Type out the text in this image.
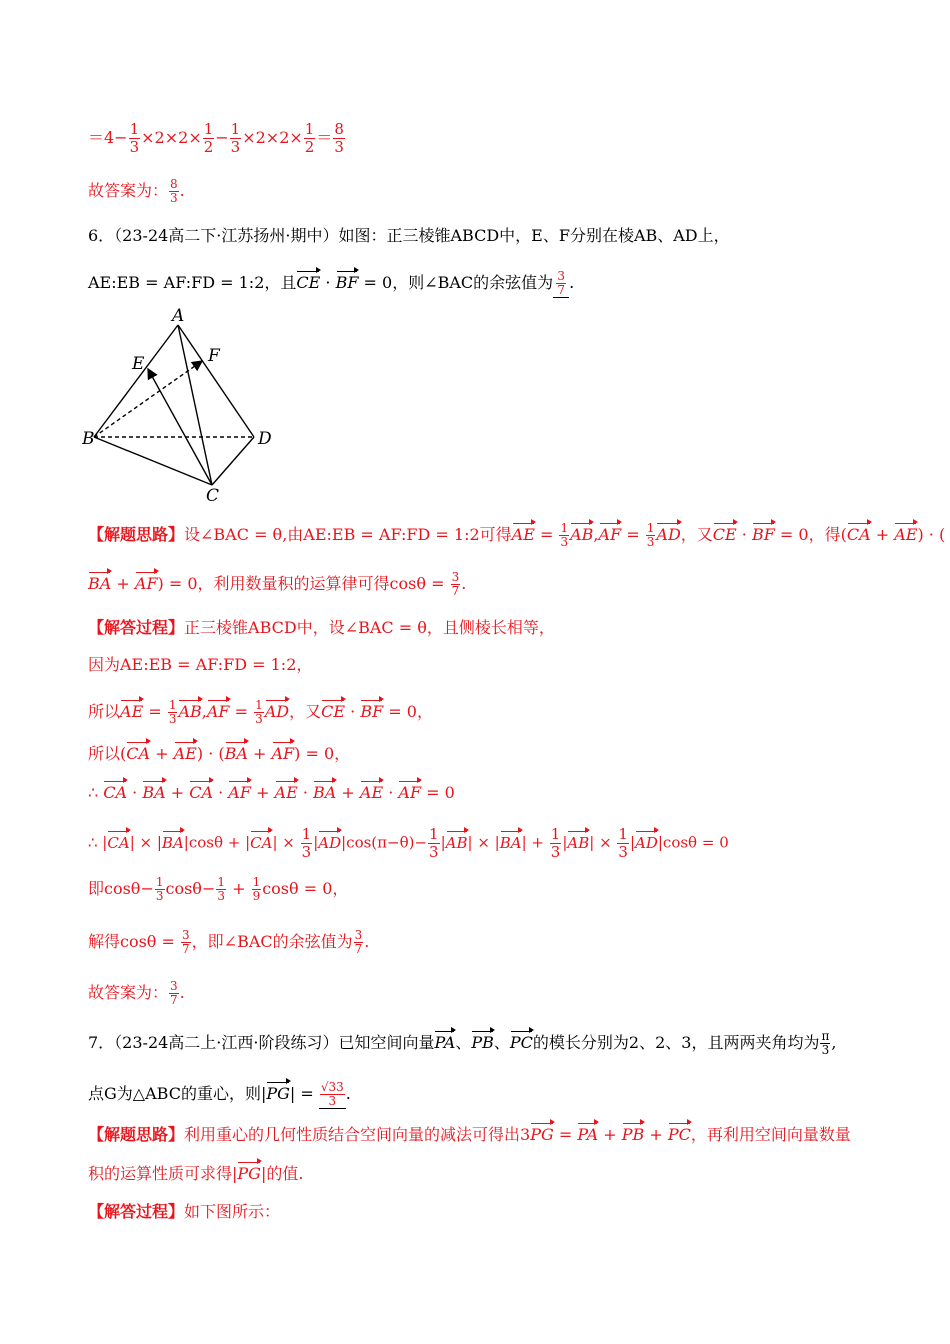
$=4- \frac{1}{3} \times 2\times 2\times \frac{1}{2} - \frac{1}{3} \times 2\times 2\times \frac{1}{2} = \frac{8}{3}$
故答案为： $\frac{8}{3}$ .
6．（23-24高二下·江苏扬州·期中）如图：正三棱锥ABCD中，E、F分别在棱AB、AD上，
AE:EB = AF:FD = 1:2，且CE · BF = 0，则∠BAC的余弦值为 $\frac{3}{7}$ .
A
B
C
D
E	F
【解题思路】设∠BAC = θ,由AE:EB = AF:FD = 1:2可得AE = $\frac{1}{3} AB,AF = \frac{1}{3}$ AD，又CE · BF = 0，得(CA + AE) · (
BA + AF) = 0，利用数量积的运算律可得$\cos\theta = \frac{3}{7}$ .
【解答过程】正三棱锥ABCD中，设∠BAC = θ，且侧棱长相等，
因为AE:EB = AF:FD = 1:2，
所以AE = $\frac{1}{3} AB,AF = \frac{1}{3}$ AD，又CE · BF = 0，
所以(CA + AE) · (BA + AF) = 0，
∴ CA · BA + CA · AF + AE · BA + AE · AF = 0
∴ $|CA| \times |BA|\cos\theta + |CA| \times \frac{1}{3} |AD|\cos(\pi-\theta)- \frac{1}{3} |AB| \times |BA| + \frac{1}{3} |AB| \times \frac{1}{3} |AD|\cos\theta = 0$
即$\cos\theta- \frac{1}{3} \cos\theta- \frac{1}{3} + \frac{1}{9}$ cosθ = 0，
解得$\cos\theta = \frac{3}{7}$ ，即∠BAC的余弦值为 $\frac{3}{7}$ .
故答案为： $\frac{3}{7}$ .
7．（23-24高二上·江西·阶段练习）已知空间向量PA、PB、PC的模长分别为2、2、3，且两两夹角均为 $\frac{\pi}{3}$ ,
点G为△ABC的重心，则$|PG| = \frac{√33}{3}$ .
【解题思路】利用重心的几何性质结合空间向量的减法可得出3PG = PA + PB + PC，再利用空间向量数量
积的运算性质可求得|PG|的值.
【解答过程】如下图所示：
